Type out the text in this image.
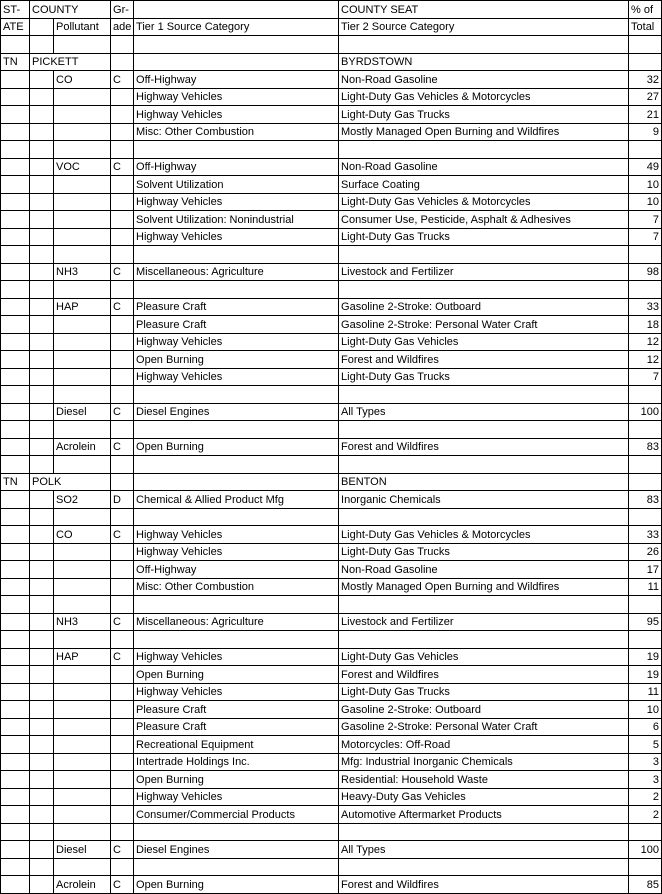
ST-	COUNTY		Gr-		COUNTY SEAT	% of
ATE		Pollutant	ade	Tier 1 Source Category	Tier 2 Source Category	Total

TN	PICKETT				BYRDSTOWN	
		CO	C	Off-Highway	Non-Road Gasoline	32
				Highway Vehicles	Light-Duty Gas Vehicles & Motorcycles	27
				Highway Vehicles	Light-Duty Gas Trucks	21
				Misc: Other Combustion	Mostly Managed Open Burning and Wildfires	9

		VOC	C	Off-Highway	Non-Road Gasoline	49
				Solvent Utilization	Surface Coating	10
				Highway Vehicles	Light-Duty Gas Vehicles & Motorcycles	10
				Solvent Utilization: Nonindustrial	Consumer Use, Pesticide, Asphalt & Adhesives	7
				Highway Vehicles	Light-Duty Gas Trucks	7

		NH3	C	Miscellaneous: Agriculture	Livestock and Fertilizer	98

		HAP	C	Pleasure Craft	Gasoline 2-Stroke: Outboard	33
				Pleasure Craft	Gasoline 2-Stroke: Personal Water Craft	18
				Highway Vehicles	Light-Duty Gas Vehicles	12
				Open Burning	Forest and Wildfires	12
				Highway Vehicles	Light-Duty Gas Trucks	7

		Diesel	C	Diesel Engines	All Types	100

		Acrolein	C	Open Burning	Forest and Wildfires	83

TN	POLK				BENTON	
		SO2	D	Chemical & Allied Product Mfg	Inorganic Chemicals	83

		CO	C	Highway Vehicles	Light-Duty Gas Vehicles & Motorcycles	33
				Highway Vehicles	Light-Duty Gas Trucks	26
				Off-Highway	Non-Road Gasoline	17
				Misc: Other Combustion	Mostly Managed Open Burning and Wildfires	11

		NH3	C	Miscellaneous: Agriculture	Livestock and Fertilizer	95

		HAP	C	Highway Vehicles	Light-Duty Gas Vehicles	19
				Open Burning	Forest and Wildfires	19
				Highway Vehicles	Light-Duty Gas Trucks	11
				Pleasure Craft	Gasoline 2-Stroke: Outboard	10
				Pleasure Craft	Gasoline 2-Stroke: Personal Water Craft	6
				Recreational Equipment	Motorcycles: Off-Road	5
				Intertrade Holdings Inc.	Mfg: Industrial Inorganic Chemicals	3
				Open Burning	Residential: Household Waste	3
				Highway Vehicles	Heavy-Duty Gas Vehicles	2
				Consumer/Commercial Products	Automotive Aftermarket Products	2

		Diesel	C	Diesel Engines	All Types	100

		Acrolein	C	Open Burning	Forest and Wildfires	85
